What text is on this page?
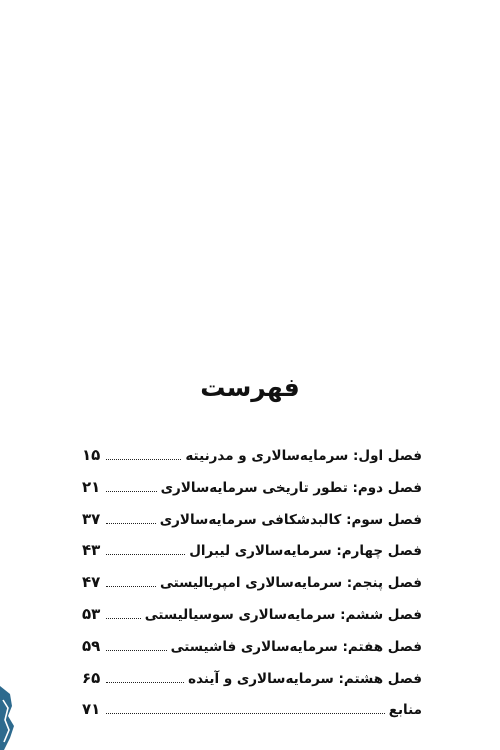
فهرست
۱۵	فصل اول: سرمایه‌سالاری و مدرنیته
۲۱	فصل دوم: تطور تاریخی سرمایه‌سالاری
۳۷	فصل سوم: کالبدشکافی سرمایه‌سالاری
۴۳	فصل چهارم: سرمایه‌سالاری لیبرال
۴۷	فصل پنجم: سرمایه‌سالاری امپریالیستی
۵۳	فصل ششم: سرمایه‌سالاری سوسیالیستی
۵۹	فصل هفتم: سرمایه‌سالاری فاشیستی
۶۵	فصل هشتم: سرمایه‌سالاری و آینده
۷۱	منابع
